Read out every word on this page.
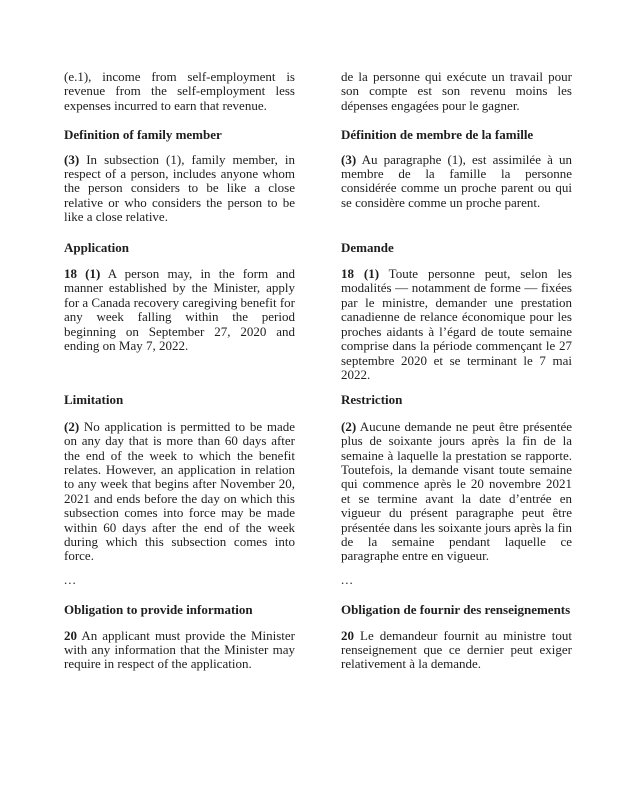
(e.1), income from self-employment is revenue from the self-employment less expenses incurred to earn that revenue.

de la personne qui exécute un travail pour son compte est son revenu moins les dépenses engagées pour le gagner.

Definition of family member	Définition de membre de la famille

(3) In subsection (1), family member, in respect of a person, includes anyone whom the person considers to be like a close relative or who considers the person to be like a close relative.

(3) Au paragraphe (1), est assimilée à un membre de la famille la personne considérée comme un proche parent ou qui se considère comme un proche parent.

Application	Demande

18 (1) A person may, in the form and manner established by the Minister, apply for a Canada recovery caregiving benefit for any week falling within the period beginning on September 27, 2020 and ending on May 7, 2022.

18 (1) Toute personne peut, selon les modalités — notamment de forme — fixées par le ministre, demander une prestation canadienne de relance économique pour les proches aidants à l’égard de toute semaine comprise dans la période commençant le 27 septembre 2020 et se terminant le 7 mai 2022.

Limitation	Restriction

(2) No application is permitted to be made on any day that is more than 60 days after the end of the week to which the benefit relates. However, an application in relation to any week that begins after November 20, 2021 and ends before the day on which this subsection comes into force may be made within 60 days after the end of the week during which this subsection comes into force.

(2) Aucune demande ne peut être présentée plus de soixante jours après la fin de la semaine à laquelle la prestation se rapporte. Toutefois, la demande visant toute semaine qui commence après le 20 novembre 2021 et se termine avant la date d’entrée en vigueur du présent paragraphe peut être présentée dans les soixante jours après la fin de la semaine pendant laquelle ce paragraphe entre en vigueur.

...	...

Obligation to provide information	Obligation de fournir des renseignements

20 An applicant must provide the Minister with any information that the Minister may require in respect of the application.

20 Le demandeur fournit au ministre tout renseignement que ce dernier peut exiger relativement à la demande.
